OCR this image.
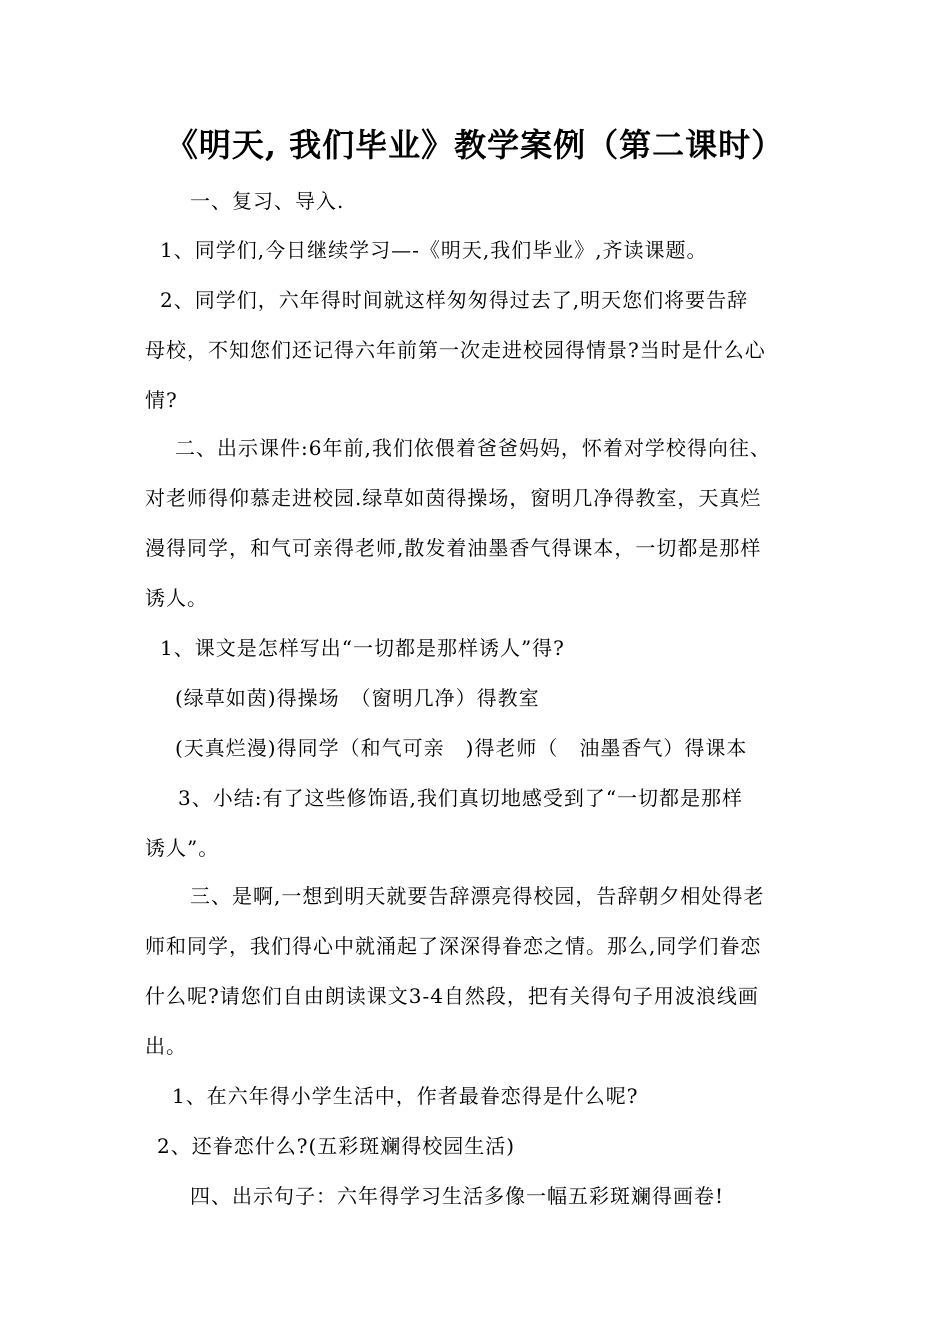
《明天, 我们毕业》教学案例（第二课时）
一、复习、导入.
1、同学们,今日继续学习—-《明天,我们毕业》,齐读课题。
2、同学们，六年得时间就这样匆匆得过去了,明天您们将要告辞
母校，不知您们还记得六年前第一次走进校园得情景?当时是什么心
情?
二、出示课件:6年前,我们依偎着爸爸妈妈，怀着对学校得向往、
对老师得仰慕走进校园.绿草如茵得操场，窗明几净得教室，天真烂
漫得同学，和气可亲得老师,散发着油墨香气得课本，一切都是那样
诱人。
1、课文是怎样写出“一切都是那样诱人”得?
(绿草如茵)得操场　（窗明几净）得教室
(天真烂漫)得同学（和气可亲　)得老师（　油墨香气）得课本
3、小结:有了这些修饰语,我们真切地感受到了“一切都是那样
诱人”。
三、是啊,一想到明天就要告辞漂亮得校园，告辞朝夕相处得老
师和同学，我们得心中就涌起了深深得眷恋之情。那么,同学们眷恋
什么呢?请您们自由朗读课文3-4自然段，把有关得句子用波浪线画
出。
1、在六年得小学生活中，作者最眷恋得是什么呢?
2、还眷恋什么?(五彩斑斓得校园生活)
四、出示句子：六年得学习生活多像一幅五彩斑斓得画卷!
